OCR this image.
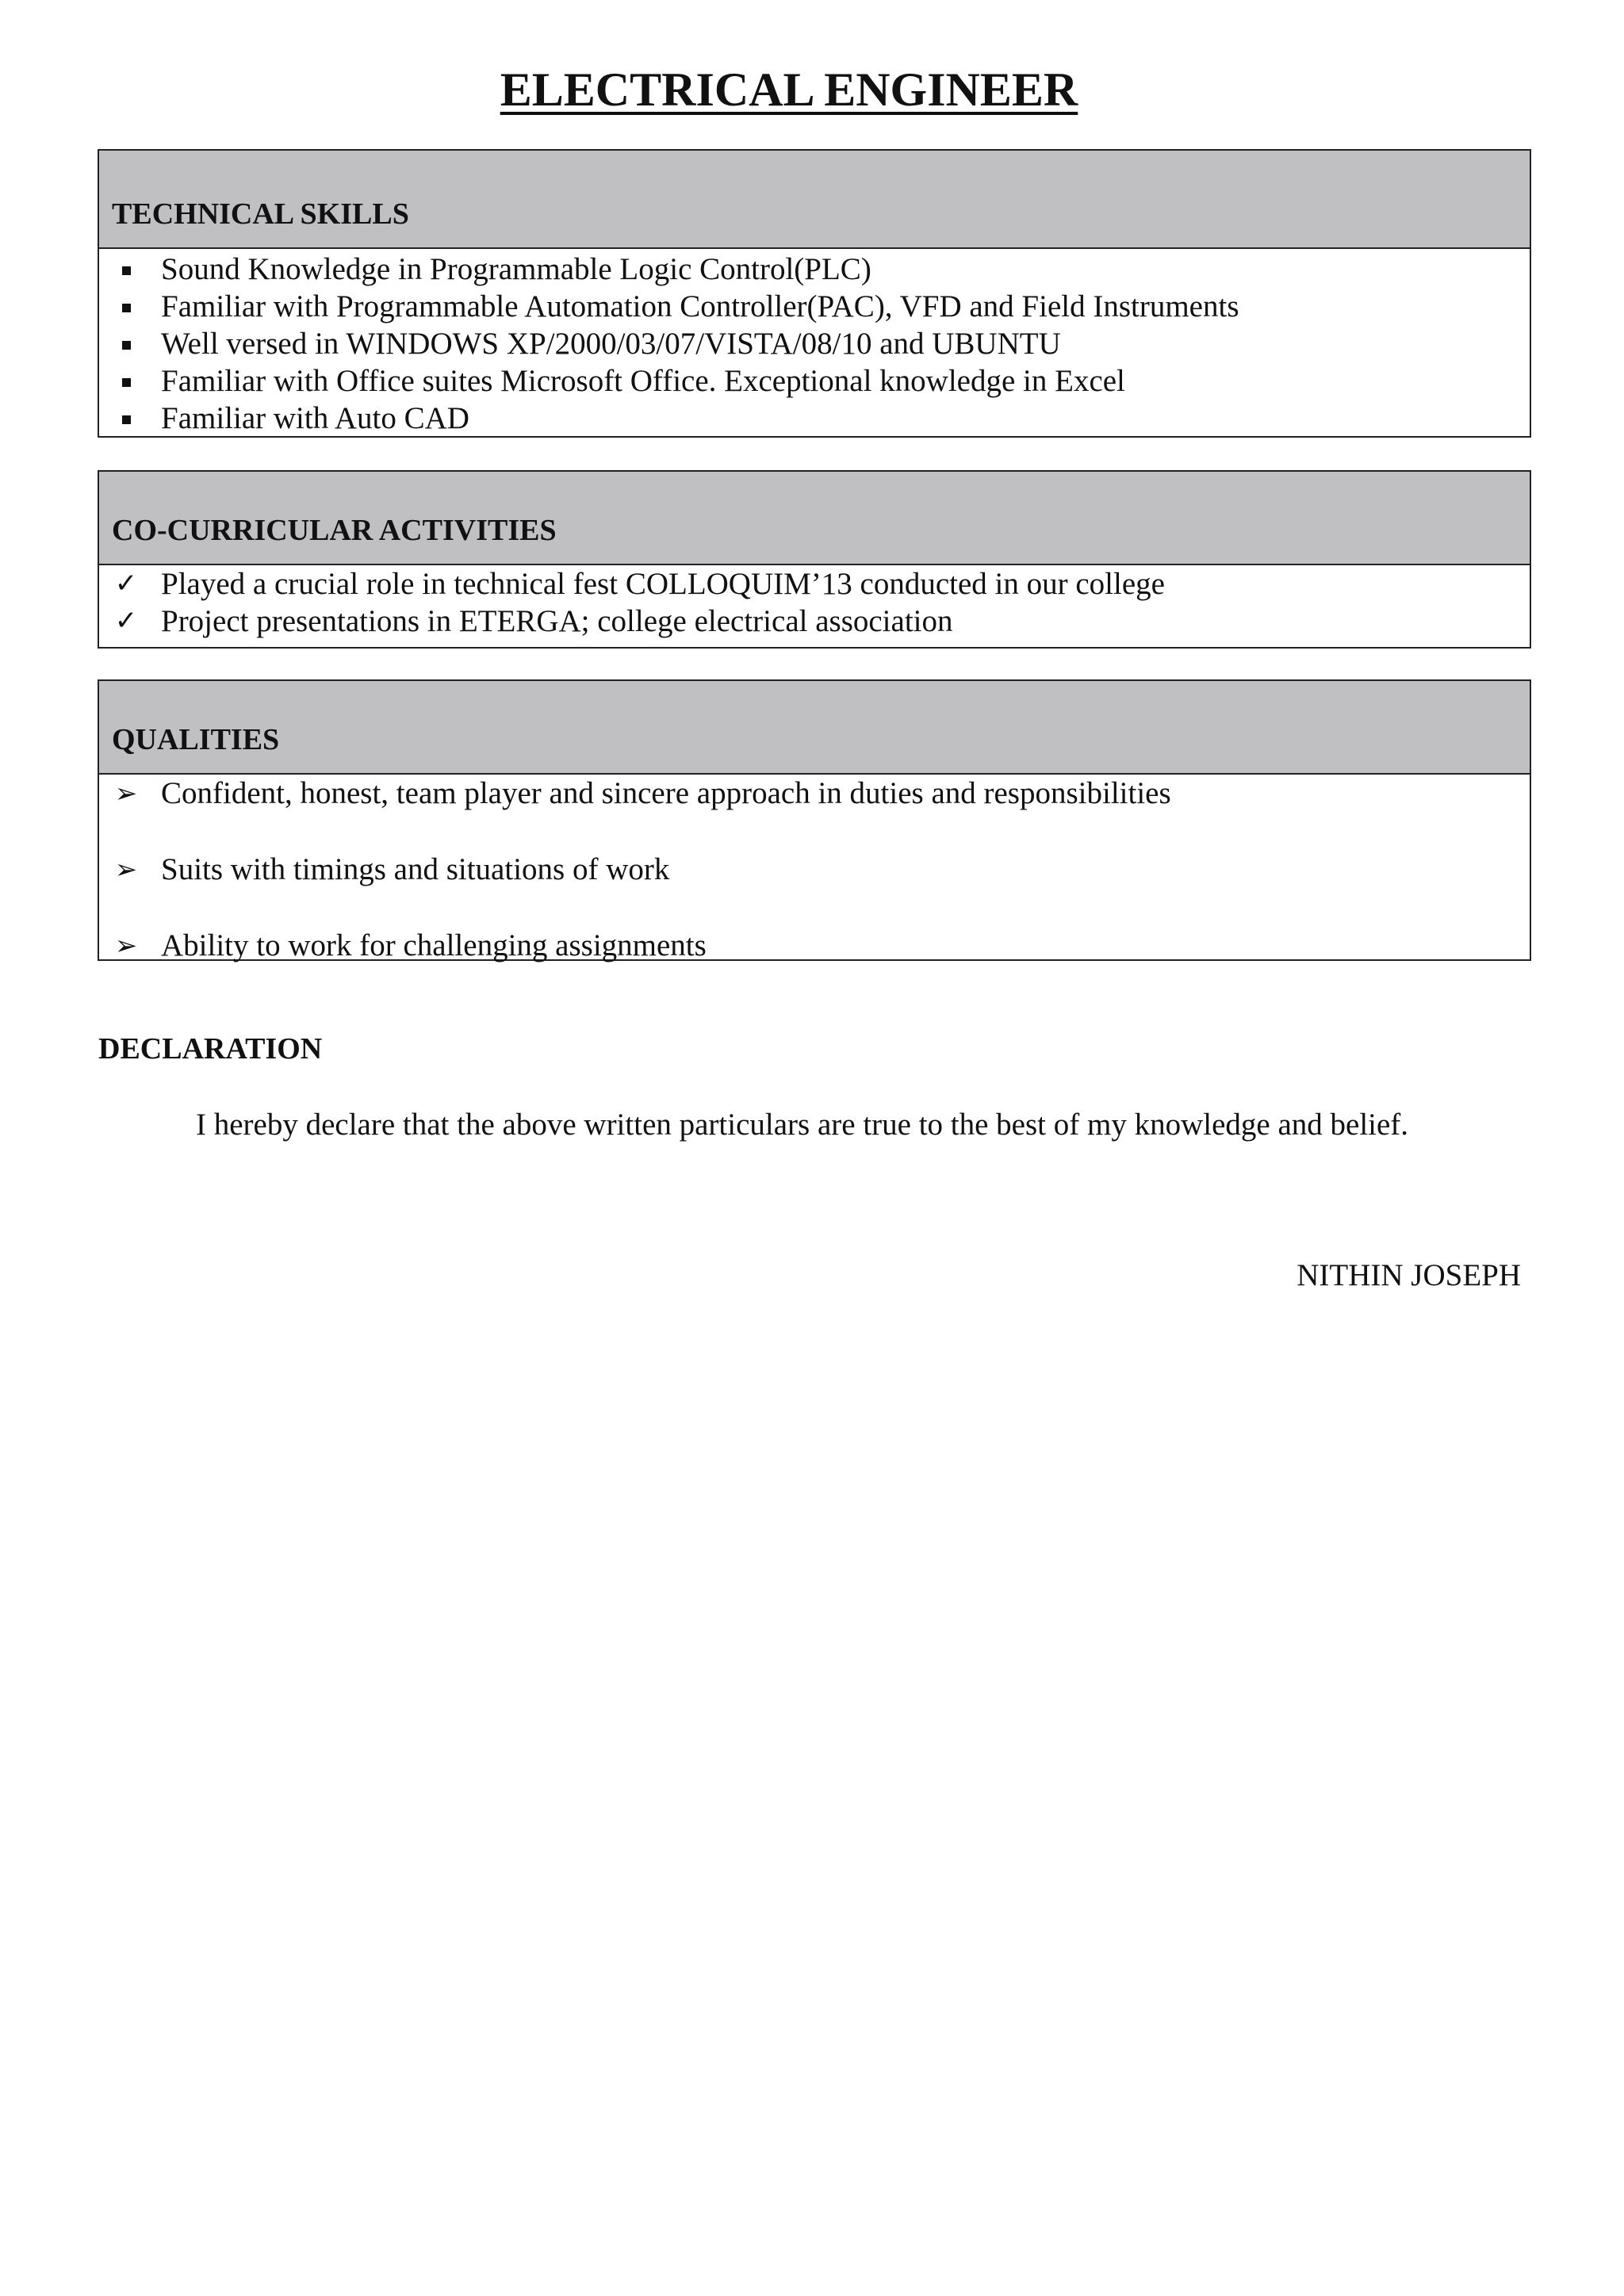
ELECTRICAL ENGINEER
TECHNICAL SKILLS
Sound Knowledge in Programmable Logic Control(PLC)
Familiar with Programmable Automation Controller(PAC), VFD and Field Instruments
Well versed in WINDOWS XP/2000/03/07/VISTA/08/10 and UBUNTU
Familiar with Office suites Microsoft Office. Exceptional knowledge in Excel
Familiar with Auto CAD
CO-CURRICULAR ACTIVITIES
✓ Played a crucial role in technical fest COLLOQUIM’13 conducted in our college
✓ Project presentations in ETERGA; college electrical association
QUALITIES
➢ Confident, honest, team player and sincere approach in duties and responsibilities
➢ Suits with timings and situations of work
➢ Ability to work for challenging assignments
DECLARATION

I hereby declare that the above written particulars are true to the best of my knowledge and belief.

NITHIN JOSEPH
